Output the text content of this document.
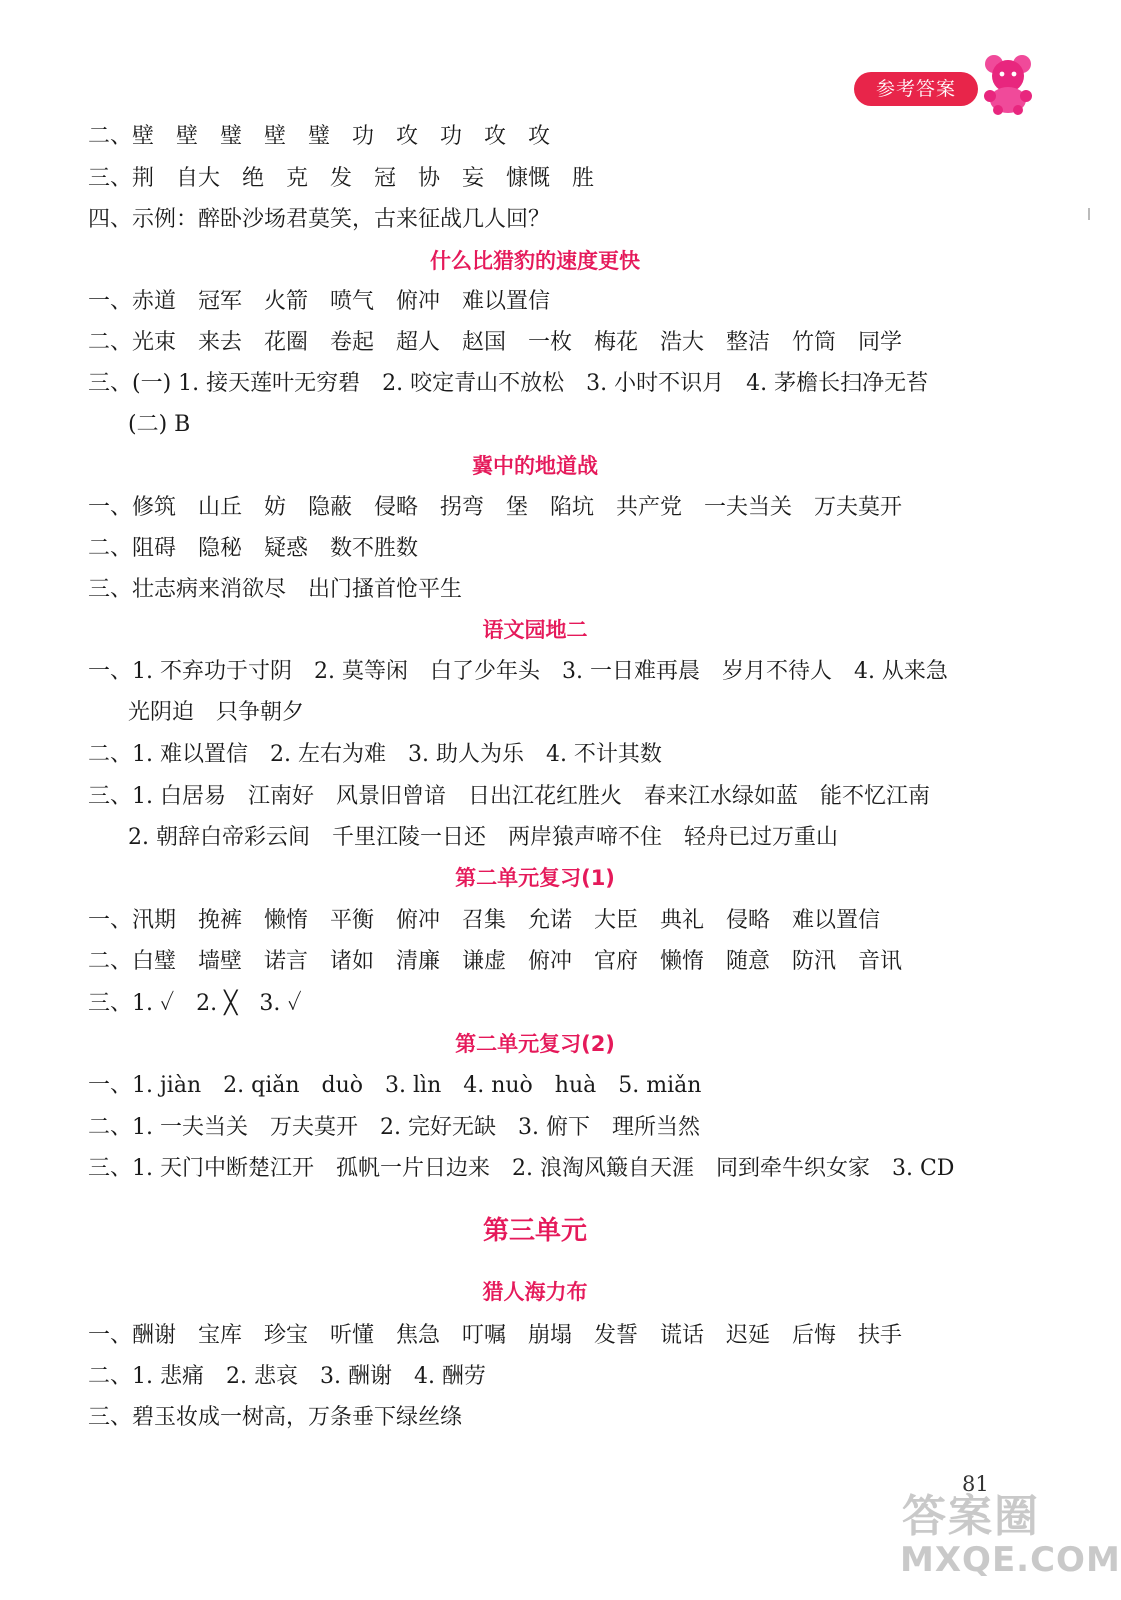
参考答案
二、壁　壁　璧　壁　璧　功　攻　功　攻　攻
三、荆　自大　绝　克　发　冠　协　妄　慷慨　胜
四、示例：醉卧沙场君莫笑，古来征战几人回？
什么比猎豹的速度更快
一、赤道　冠军　火箭　喷气　俯冲　难以置信
二、光束　来去　花圈　卷起　超人　赵国　一枚　梅花　浩大　整洁　竹筒　同学
三、(一) 1. 接天莲叶无穷碧　2. 咬定青山不放松　3. 小时不识月　4. 茅檐长扫净无苔
(二) B
冀中的地道战
一、修筑　山丘　妨　隐蔽　侵略　拐弯　堡　陷坑　共产党　一夫当关　万夫莫开
二、阻碍　隐秘　疑惑　数不胜数
三、壮志病来消欲尽　出门搔首怆平生
语文园地二
一、1. 不弃功于寸阴　2. 莫等闲　白了少年头　3. 一日难再晨　岁月不待人　4. 从来急
光阴迫　只争朝夕
二、1. 难以置信　2. 左右为难　3. 助人为乐　4. 不计其数
三、1. 白居易　江南好　风景旧曾谙　日出江花红胜火　春来江水绿如蓝　能不忆江南
2. 朝辞白帝彩云间　千里江陵一日还　两岸猿声啼不住　轻舟已过万重山
第二单元复习(1)
一、汛期　挽裤　懒惰　平衡　俯冲　召集　允诺　大臣　典礼　侵略　难以置信
二、白璧　墙壁　诺言　诸如　清廉　谦虚　俯冲　官府　懒惰　随意　防汛　音讯
三、1. ✓　2. ╳　3. ✓
第二单元复习(2)
一、1. jiàn　2. qiǎn　duò　3. lìn　4. nuò　huà　5. miǎn
二、1. 一夫当关　万夫莫开　2. 完好无缺　3. 俯下　理所当然
三、1. 天门中断楚江开　孤帆一片日边来　2. 浪淘风簸自天涯　同到牵牛织女家　3. CD
第三单元
猎人海力布
一、酬谢　宝库　珍宝　听懂　焦急　叮嘱　崩塌　发誓　谎话　迟延　后悔　扶手
二、1. 悲痛　2. 悲哀　3. 酬谢　4. 酬劳
三、碧玉妆成一树高，万条垂下绿丝绦
81
答案圈
MXQE.COM
